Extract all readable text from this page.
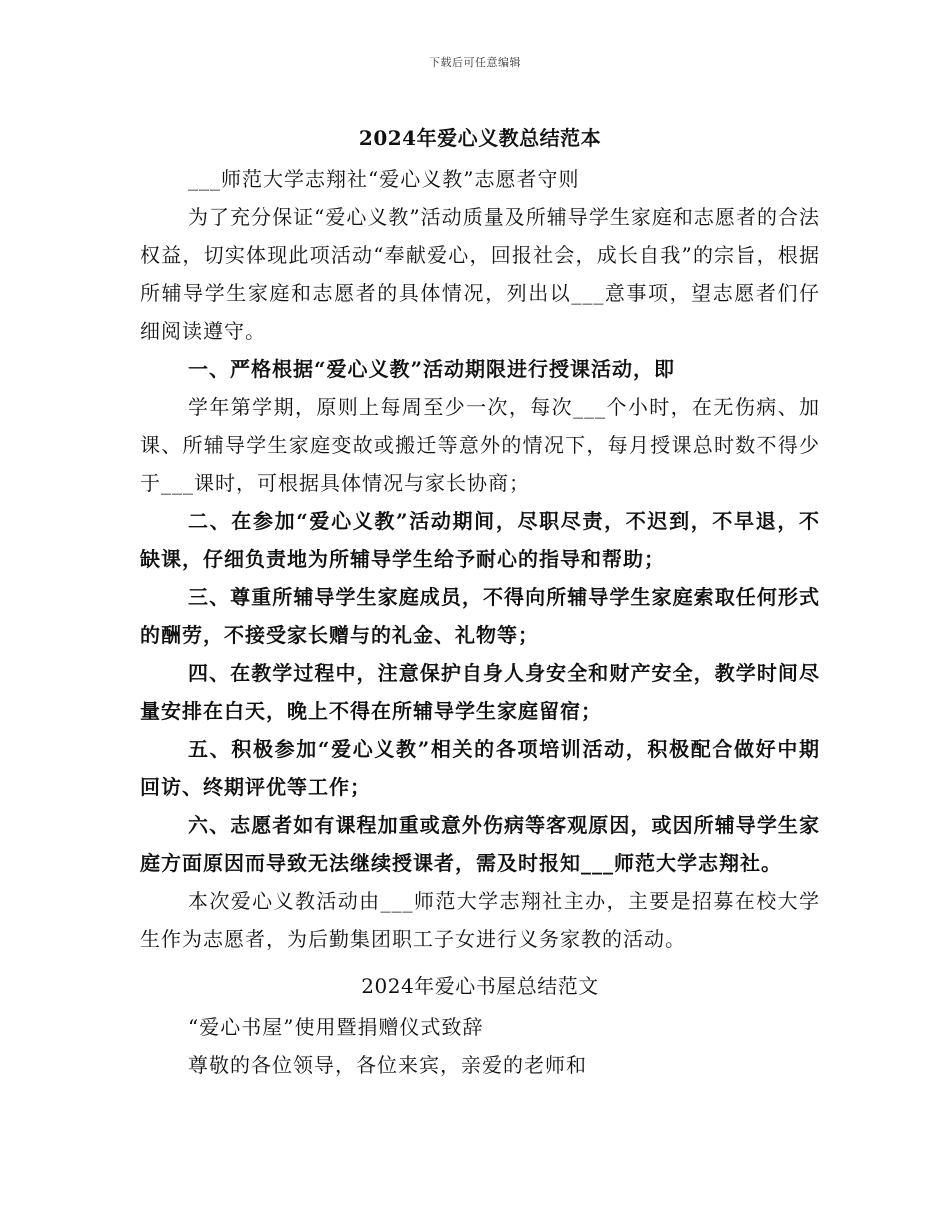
下载后可任意编辑
2024年爱心义教总结范本

___师范大学志翔社“爱心义教”志愿者守则

为了充分保证“爱心义教”活动质量及所辅导学生家庭和志愿者的合法权益，切实体现此项活动“奉献爱心，回报社会，成长自我”的宗旨，根据所辅导学生家庭和志愿者的具体情况，列出以___意事项，望志愿者们仔细阅读遵守。

一、严格根据“爱心义教”活动期限进行授课活动，即

学年第学期，原则上每周至少一次，每次___个小时，在无伤病、加课、所辅导学生家庭变故或搬迁等意外的情况下，每月授课总时数不得少于___课时，可根据具体情况与家长协商；

二、在参加“爱心义教”活动期间，尽职尽责，不迟到，不早退，不缺课，仔细负责地为所辅导学生给予耐心的指导和帮助；

三、尊重所辅导学生家庭成员，不得向所辅导学生家庭索取任何形式的酬劳，不接受家长赠与的礼金、礼物等；

四、在教学过程中，注意保护自身人身安全和财产安全，教学时间尽量安排在白天，晚上不得在所辅导学生家庭留宿；

五、积极参加“爱心义教”相关的各项培训活动，积极配合做好中期回访、终期评优等工作；

六、志愿者如有课程加重或意外伤病等客观原因，或因所辅导学生家庭方面原因而导致无法继续授课者，需及时报知___师范大学志翔社。

本次爱心义教活动由___师范大学志翔社主办，主要是招募在校大学生作为志愿者，为后勤集团职工子女进行义务家教的活动。

2024年爱心书屋总结范文

“爱心书屋”使用暨捐赠仪式致辞

尊敬的各位领导，各位来宾，亲爱的老师和
